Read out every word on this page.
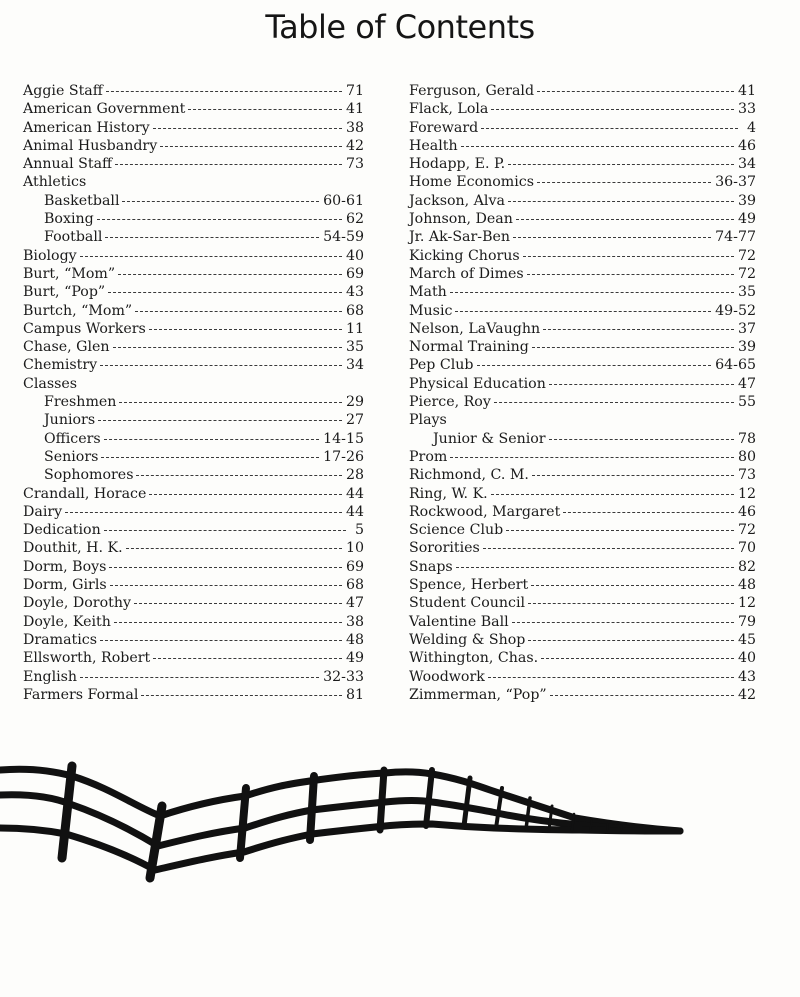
Table of Contents
Aggie Staff	71
American Government	41
American History	38
Animal Husbandry	42
Annual Staff	73
Athletics
Basketball	60-61
Boxing	62
Football	54-59
Biology	40
Burt, “Mom”	69
Burt, “Pop”	43
Burtch, “Mom”	68
Campus Workers	11
Chase, Glen	35
Chemistry	34
Classes
Freshmen	29
Juniors	27
Officers	14-15
Seniors	17-26
Sophomores	28
Crandall, Horace	44
Dairy	44
Dedication	5
Douthit, H. K.	10
Dorm, Boys	69
Dorm, Girls	68
Doyle, Dorothy	47
Doyle, Keith	38
Dramatics	48
Ellsworth, Robert	49
English	32-33
Farmers Formal	81
Ferguson, Gerald	41
Flack, Lola	33
Foreward	4
Health	46
Hodapp, E. P.	34
Home Economics	36-37
Jackson, Alva	39
Johnson, Dean	49
Jr. Ak-Sar-Ben	74-77
Kicking Chorus	72
March of Dimes	72
Math	35
Music	49-52
Nelson, LaVaughn	37
Normal Training	39
Pep Club	64-65
Physical Education	47
Pierce, Roy	55
Plays
Junior & Senior	78
Prom	80
Richmond, C. M.	73
Ring, W. K.	12
Rockwood, Margaret	46
Science Club	72
Sororities	70
Snaps	82
Spence, Herbert	48
Student Council	12
Valentine Ball	79
Welding & Shop	45
Withington, Chas.	40
Woodwork	43
Zimmerman, “Pop”	42
